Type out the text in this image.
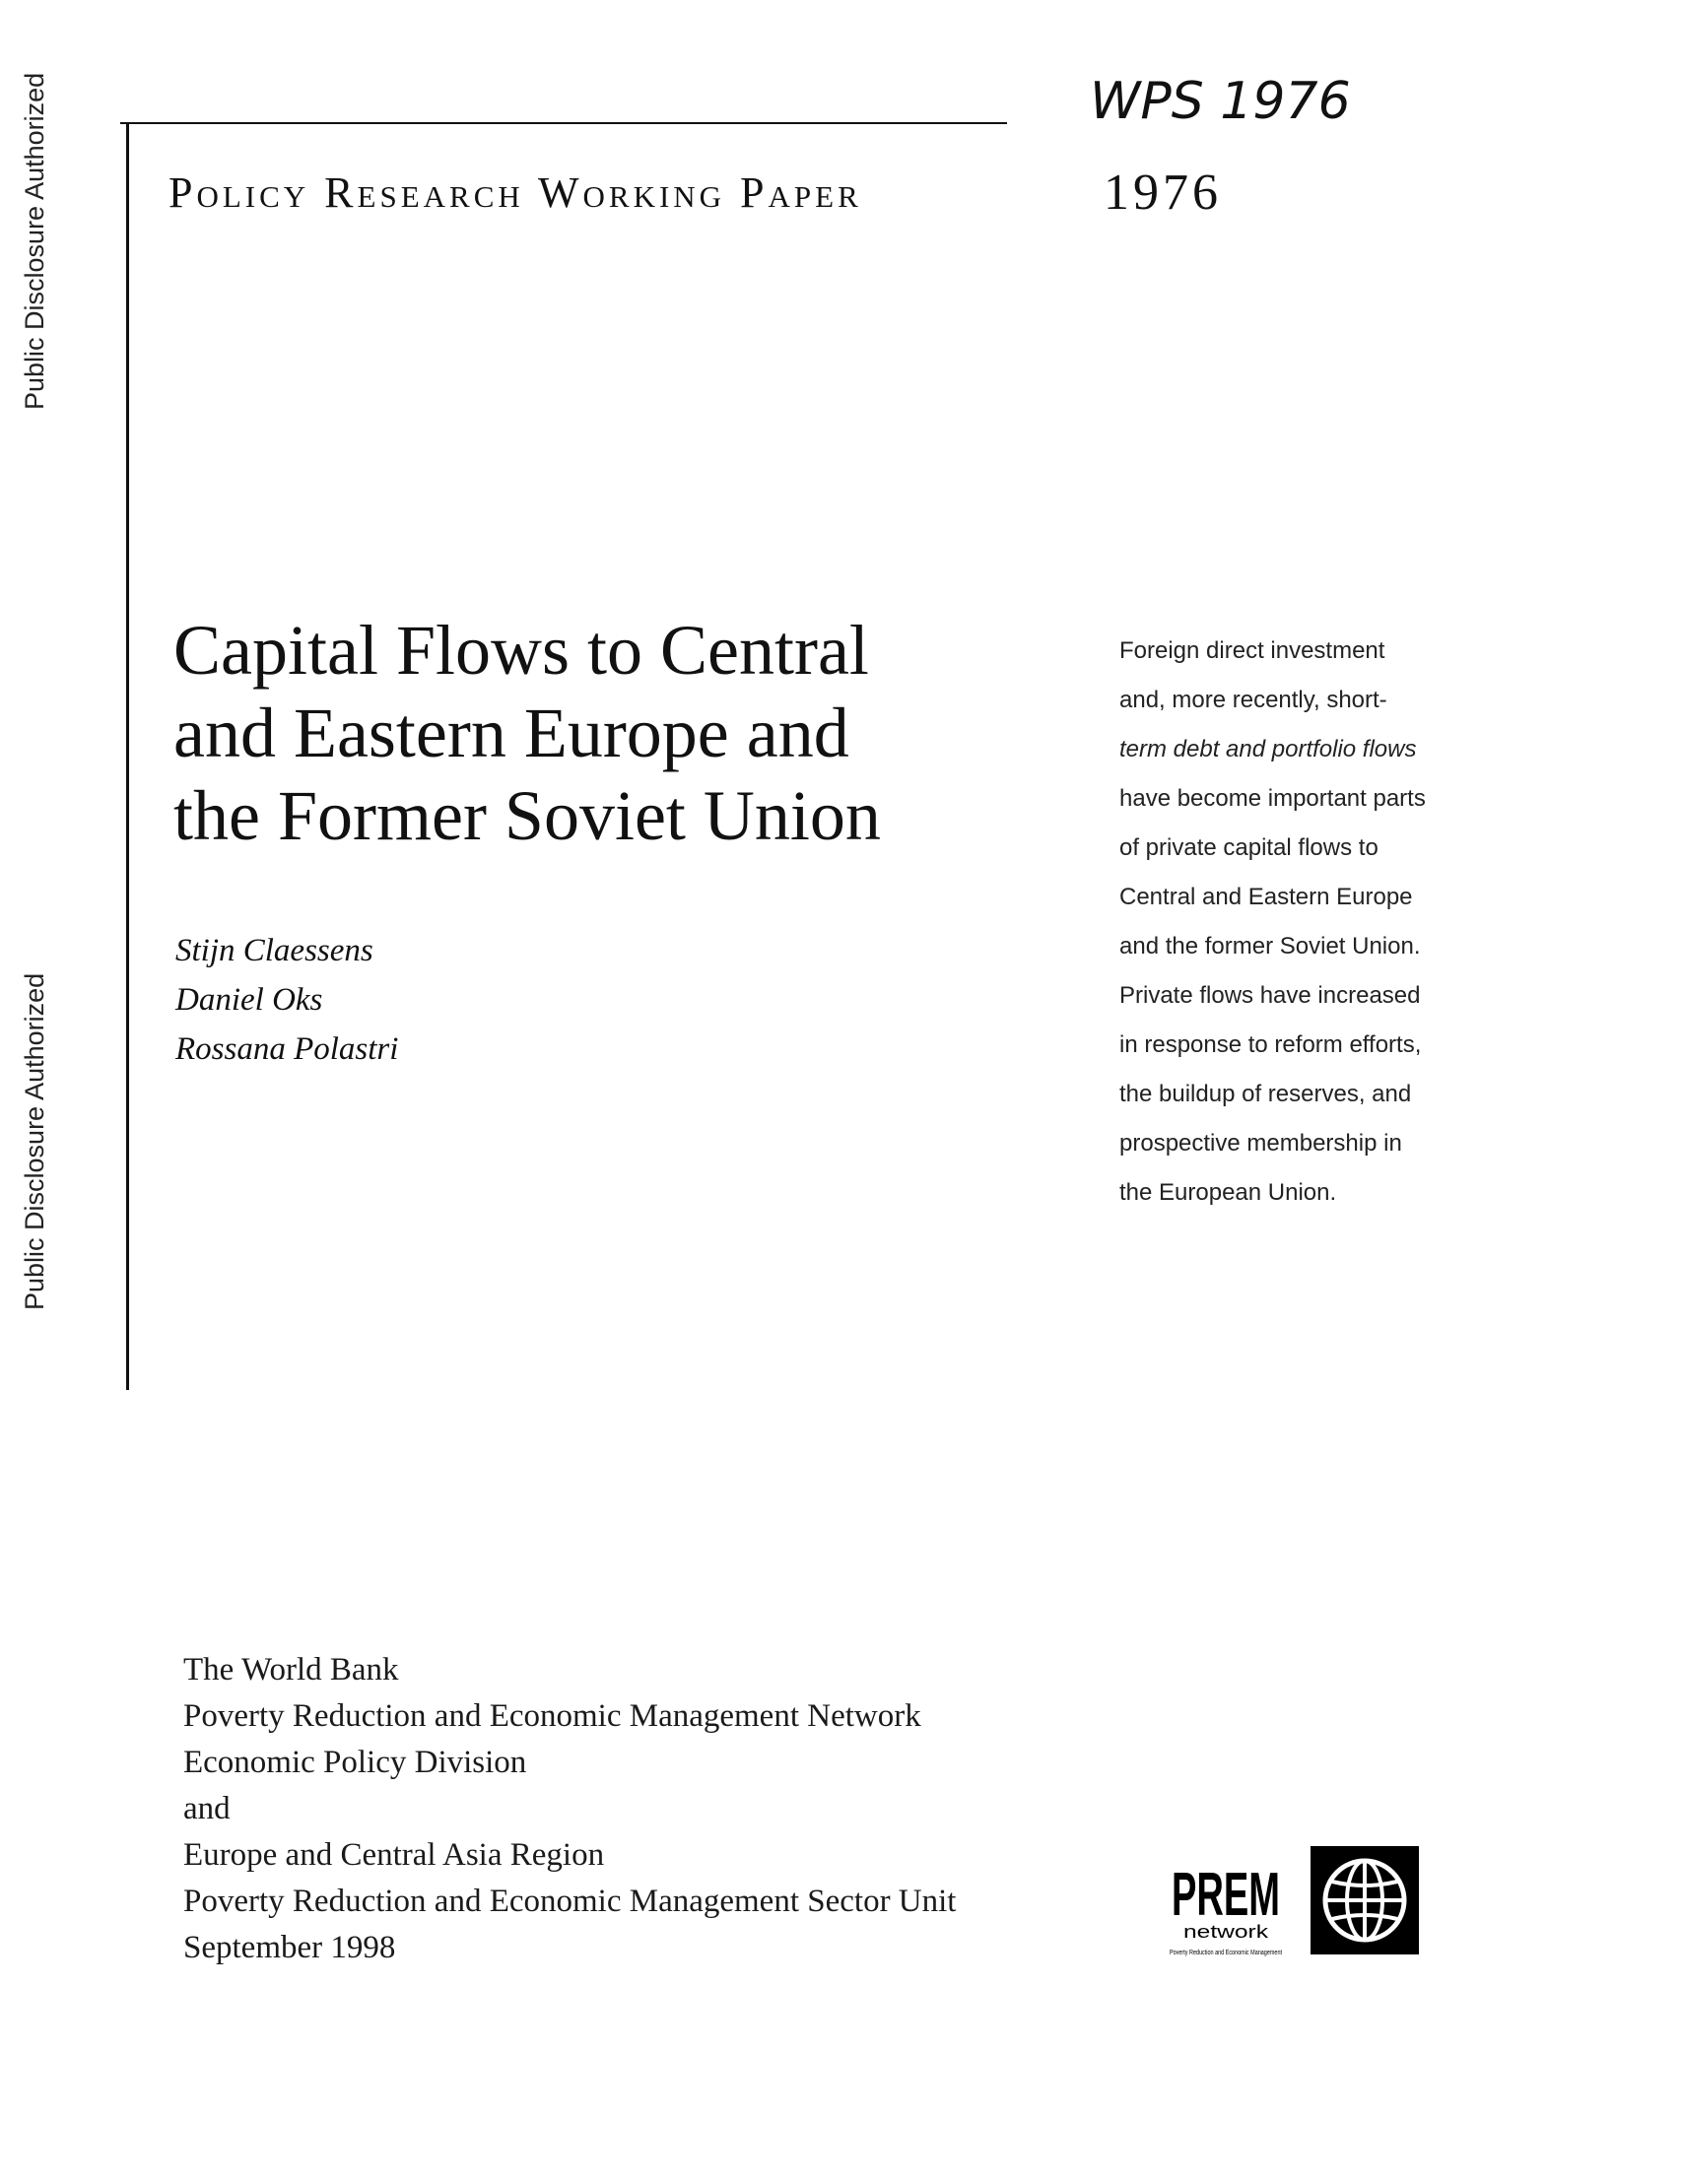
Public Disclosure Authorized
Public Disclosure Authorized
WPS 1976
Policy Research Working Paper	1976
Capital Flows to Central
and Eastern Europe and
the Former Soviet Union
Stijn Claessens
Daniel Oks
Rossana Polastri
Foreign direct investment
and, more recently, short-
term debt and portfolio flows
have become important parts
of private capital flows to
Central and Eastern Europe
and the former Soviet Union.
Private flows have increased
in response to reform efforts,
the buildup of reserves, and
prospective membership in
the European Union.
The World Bank
Poverty Reduction and Economic Management Network
Economic Policy Division
and
Europe and Central Asia Region
Poverty Reduction and Economic Management Sector Unit
September 1998
PREM
network
Poverty Reduction and Economic Management
